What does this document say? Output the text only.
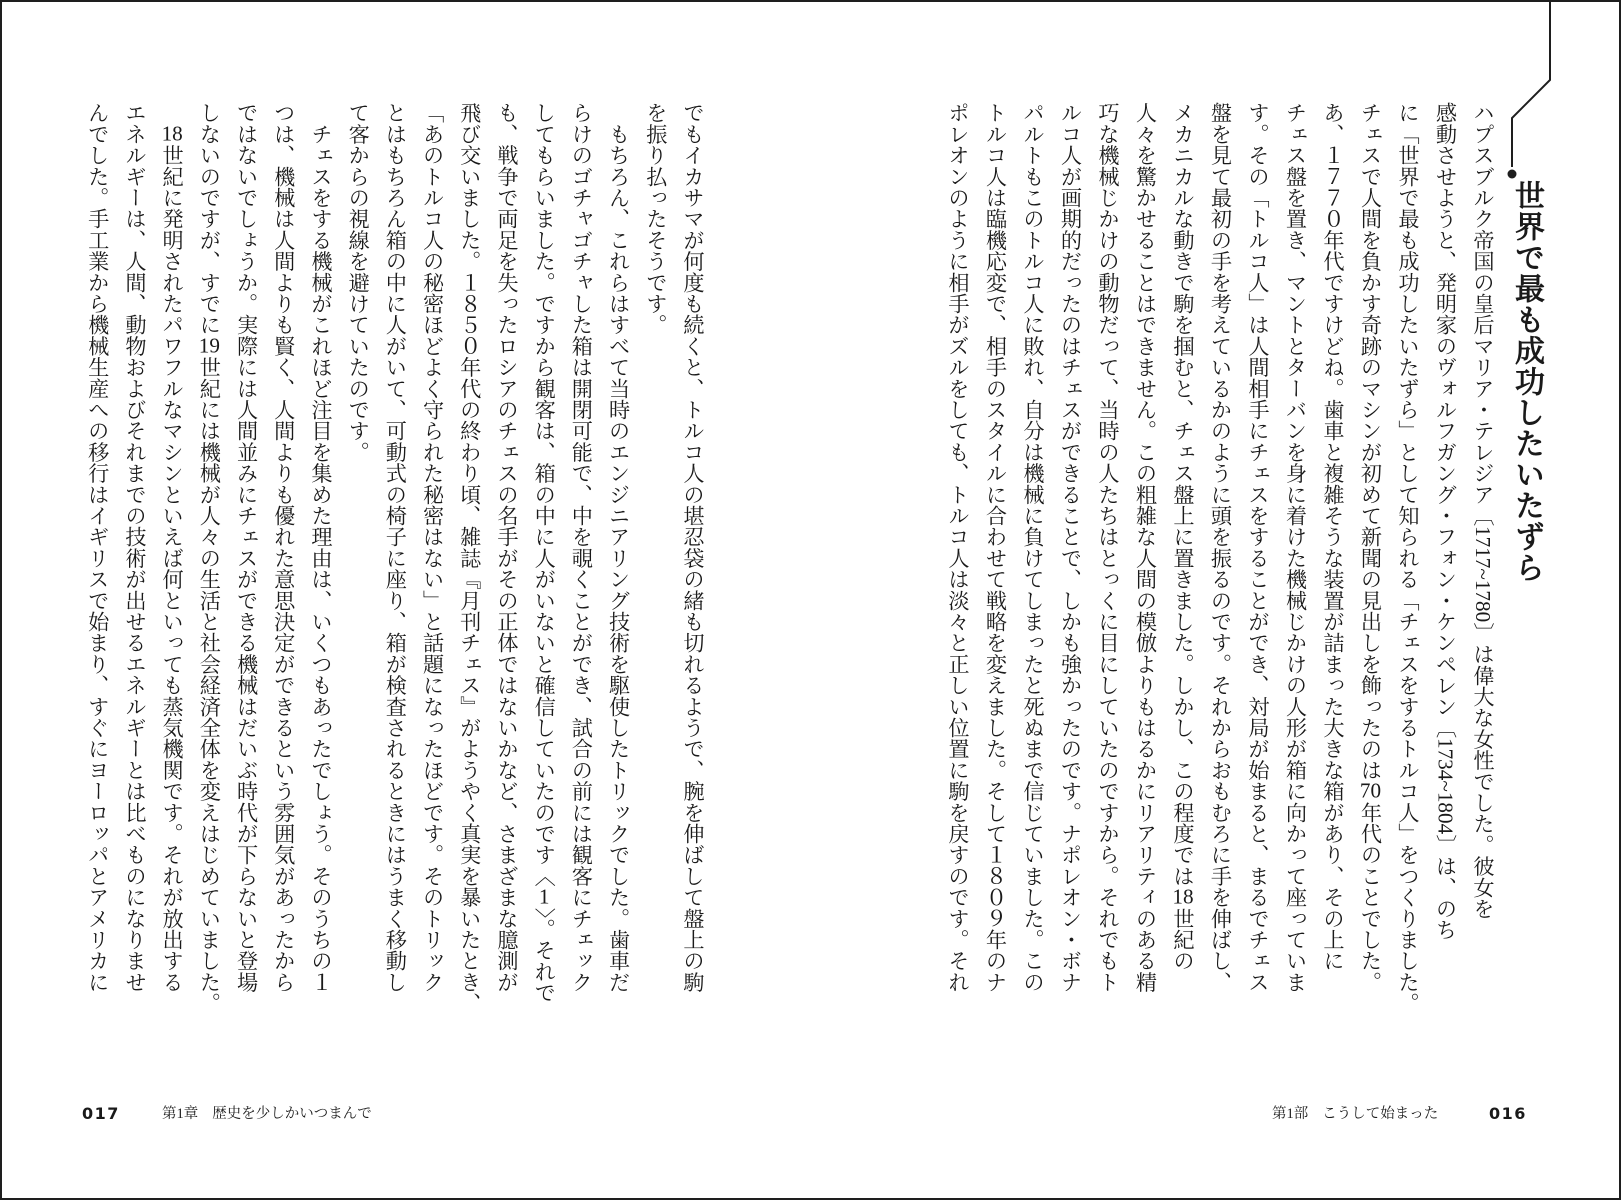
世界で最も成功したいたずら
ハプスブルク帝国の皇后マリア・テレジア〔1717~1780〕は偉大な女性でした。彼女を
感動させようと、発明家のヴォルフガング・フォン・ケンペレン〔1734~1804〕は、のち
に「世界で最も成功したいたずら」として知られる「チェスをするトルコ人」をつくりました。
チェスで人間を負かす奇跡のマシンが初めて新聞の見出しを飾ったのは70年代のことでした。
あ、１７７０年代ですけどね。歯車と複雑そうな装置が詰まった大きな箱があり、その上に
チェス盤を置き、マントとターバンを身に着けた機械じかけの人形が箱に向かって座っていま
す。その「トルコ人」は人間相手にチェスをすることができ、対局が始まると、まるでチェス
盤を見て最初の手を考えているかのように頭を振るのです。それからおもむろに手を伸ばし、
メカニカルな動きで駒を掴むと、チェス盤上に置きました。しかし、この程度では18世紀の
人々を驚かせることはできません。この粗雑な人間の模倣よりもはるかにリアリティのある精
巧な機械じかけの動物だって、当時の人たちはとっくに目にしていたのですから。それでもト
ルコ人が画期的だったのはチェスができることで、しかも強かったのです。ナポレオン・ボナ
パルトもこのトルコ人に敗れ、自分は機械に負けてしまったと死ぬまで信じていました。この
トルコ人は臨機応変で、相手のスタイルに合わせて戦略を変えました。そして１８０９年のナ
ポレオンのように相手がズルをしても、トルコ人は淡々と正しい位置に駒を戻すのです。それ
でもイカサマが何度も続くと、トルコ人の堪忍袋の緒も切れるようで、腕を伸ばして盤上の駒
を振り払ったそうです。
　もちろん、これらはすべて当時のエンジニアリング技術を駆使したトリックでした。歯車だ
らけのゴチャゴチャした箱は開閉可能で、中を覗くことができ、試合の前には観客にチェック
してもらいました。ですから観客は、箱の中に人がいないと確信していたのです〈1〉。それで
も、戦争で両足を失ったロシアのチェスの名手がその正体ではないかなど、さまざまな臆測が
飛び交いました。１８５０年代の終わり頃、雑誌『月刊チェス』がようやく真実を暴いたとき、
「あのトルコ人の秘密ほどよく守られた秘密はない」と話題になったほどです。そのトリック
とはもちろん箱の中に人がいて、可動式の椅子に座り、箱が検査されるときにはうまく移動し
て客からの視線を避けていたのです。
　チェスをする機械がこれほど注目を集めた理由は、いくつもあったでしょう。そのうちの１
つは、機械は人間よりも賢く、人間よりも優れた意思決定ができるという雰囲気があったから
ではないでしょうか。実際には人間並みにチェスができる機械はだいぶ時代が下らないと登場
しないのですが、すでに19世紀には機械が人々の生活と社会経済全体を変えはじめていました。
　18世紀に発明されたパワフルなマシンといえば何といっても蒸気機関です。それが放出する
エネルギーは、人間、動物およびそれまでの技術が出せるエネルギーとは比べものになりませ
んでした。手工業から機械生産への移行はイギリスで始まり、すぐにヨーロッパとアメリカに
017	第1章 歴史を少しかいつまんで	第1部 こうして始まった	016
